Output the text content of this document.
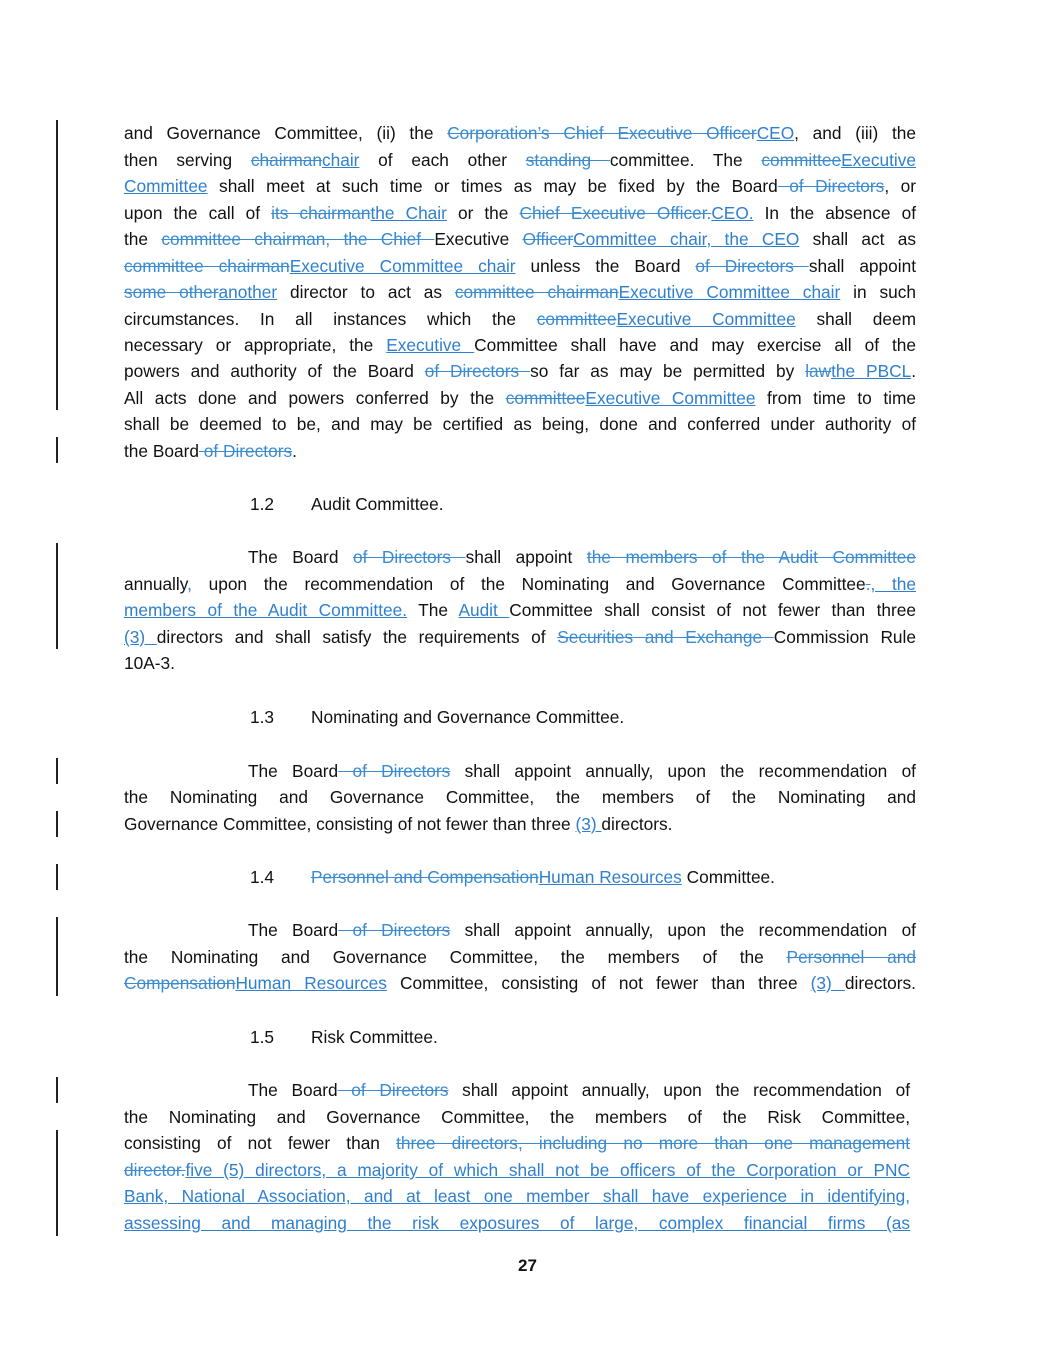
and Governance Committee, (ii) the Corporation’s Chief Executive OfficerCEO, and (iii) the
then serving chairmanchair of each other standing committee. The committeeExecutive
Committee shall meet at such time or times as may be fixed by the Board of Directors, or
upon the call of its chairmanthe Chair or the Chief Executive Officer.CEO. In the absence of
the committee chairman, the Chief Executive OfficerCommittee chair, the CEO shall act as
committee chairmanExecutive Committee chair unless the Board of Directors shall appoint
some otheranother director to act as committee chairmanExecutive Committee chair in such
circumstances. In all instances which the committeeExecutive Committee shall deem
necessary or appropriate, the Executive Committee shall have and may exercise all of the
powers and authority of the Board of Directors so far as may be permitted by lawthe PBCL.
All acts done and powers conferred by the committeeExecutive Committee from time to time
shall be deemed to be, and may be certified as being, done and conferred under authority of
the Board of Directors.
1.2 Audit Committee.
The Board of Directors shall appoint the members of the Audit Committee
annually, upon the recommendation of the Nominating and Governance Committee., the
members of the Audit Committee. The Audit Committee shall consist of not fewer than three
(3) directors and shall satisfy the requirements of Securities and Exchange Commission Rule
10A-3.
1.3 Nominating and Governance Committee.
The Board of Directors shall appoint annually, upon the recommendation of
the Nominating and Governance Committee, the members of the Nominating and
Governance Committee, consisting of not fewer than three (3) directors.
1.4 Personnel and CompensationHuman Resources Committee.
The Board of Directors shall appoint annually, upon the recommendation of
the Nominating and Governance Committee, the members of the Personnel and
CompensationHuman Resources Committee, consisting of not fewer than three (3) directors.
1.5 Risk Committee.
The Board of Directors shall appoint annually, upon the recommendation of
the Nominating and Governance Committee, the members of the Risk Committee,
consisting of not fewer than three directors, including no more than one management
director.five (5) directors, a majority of which shall not be officers of the Corporation or PNC
Bank, National Association, and at least one member shall have experience in identifying,
assessing and managing the risk exposures of large, complex financial firms (as
27
